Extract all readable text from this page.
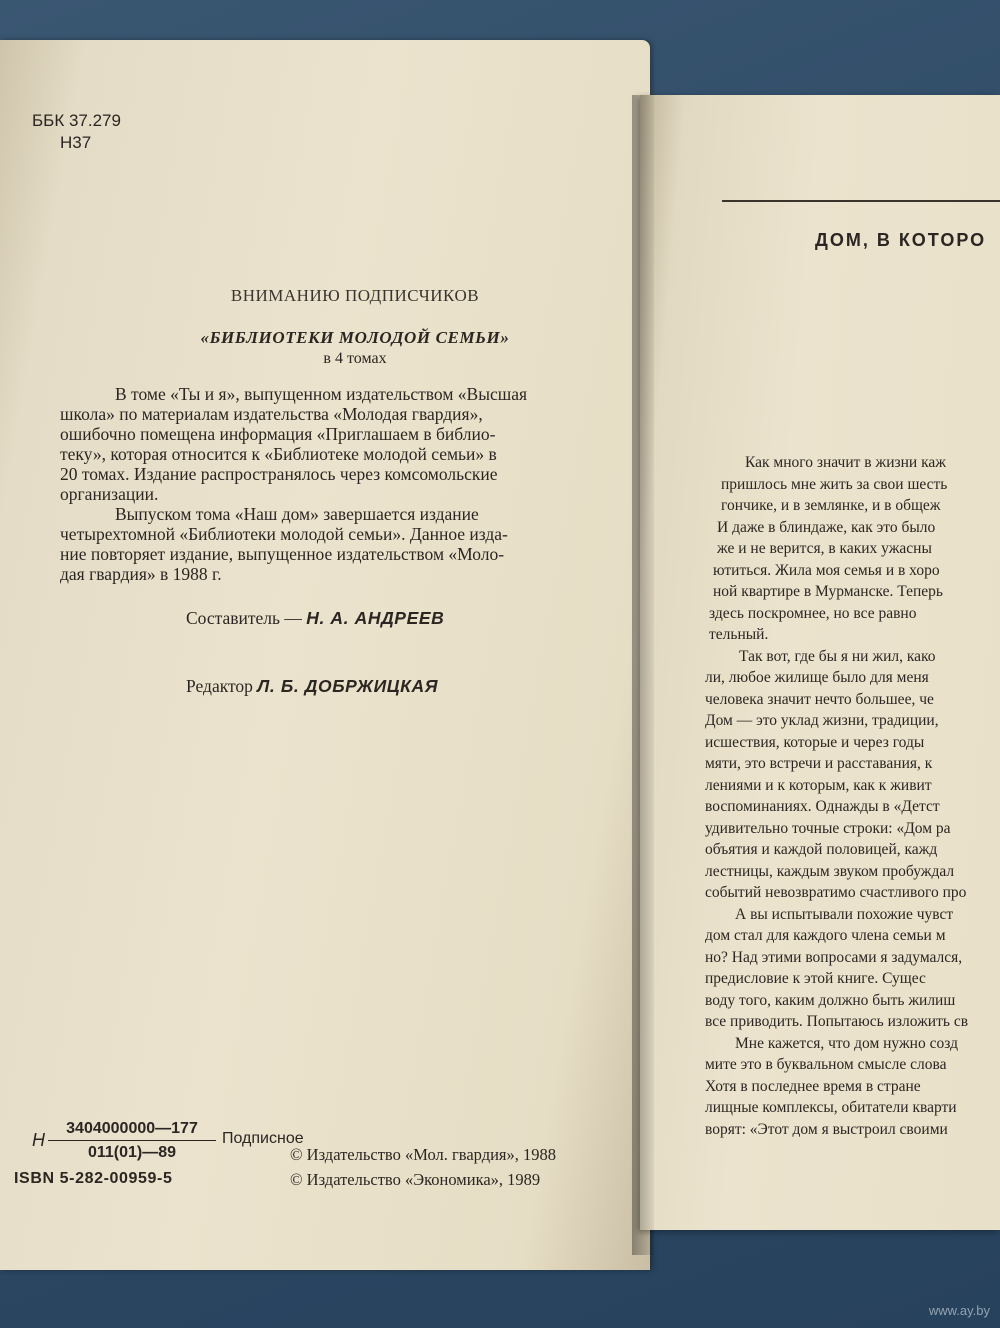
ББК 37.279
Н37
ВНИМАНИЮ ПОДПИСЧИКОВ
«БИБЛИОТЕКИ МОЛОДОЙ СЕМЬИ»
в 4 томах
В томе «Ты и я», выпущенном издательством «Высшая
школа» по материалам издательства «Молодая гвардия»,
ошибочно помещена информация «Приглашаем в библио-
теку», которая относится к «Библиотеке молодой семьи» в
20 томах. Издание распространялось через комсомольские
организации.
Выпуском тома «Наш дом» завершается издание
четырехтомной «Библиотеки молодой семьи». Данное изда-
ние повторяет издание, выпущенное издательством «Моло-
дая гвардия» в 1988 г.
Составитель — Н. А. АНДРЕЕВ
Редактор Л. Б. ДОБРЖИЦКАЯ
Н
3404000000—177
011(01)—89
Подписное
ISBN 5-282-00959-5
© Издательство «Мол. гвардия», 1988
© Издательство «Экономика», 1989
ДОМ, В КОТОРО
Как много значит в жизни каж
пришлось мне жить за свои шесть
гончике, и в землянке, и в общеж
И даже в блиндаже, как это было
же и не верится, в каких ужасны
ютиться. Жила моя семья и в хоро
ной квартире в Мурманске. Теперь
здесь поскромнее, но все равно
тельный.
Так вот, где бы я ни жил, како
ли, любое жилище было для меня
человека значит нечто большее, че
Дом — это уклад жизни, традиции,
исшествия, которые и через годы
мяти, это встречи и расставания, к
лениями и к которым, как к живит
воспоминаниях. Однажды в «Детст
удивительно точные строки: «Дом ра
объятия и каждой половицей, кажд
лестницы, каждым звуком пробуждал
событий невозвратимо счастливого про
А вы испытывали похожие чувст
дом стал для каждого члена семьи м
но? Над этими вопросами я задумался,
предисловие к этой книге. Сущес
воду того, каким должно быть жилиш
все приводить. Попытаюсь изложить св
Мне кажется, что дом нужно созд
мите это в буквальном смысле слова
Хотя в последнее время в стране
лищные комплексы, обитатели кварти
ворят: «Этот дом я выстроил своими
www.ay.by
